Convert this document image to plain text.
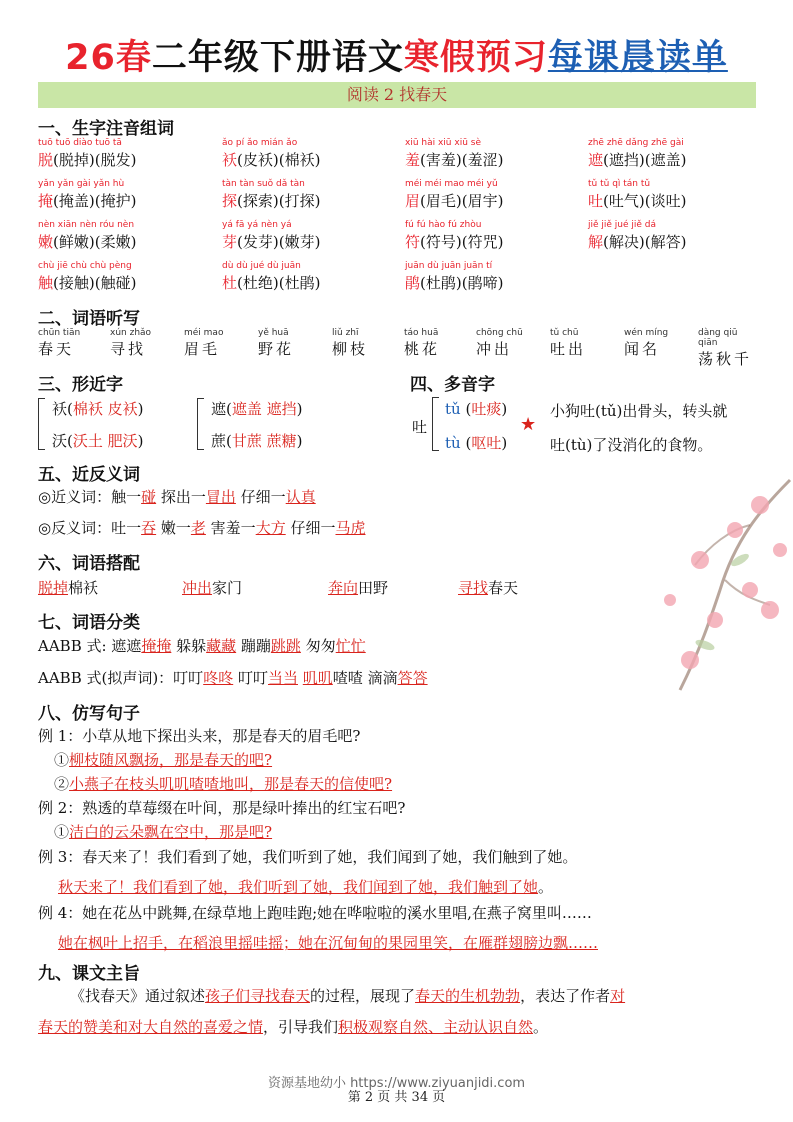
26春二年级下册语文寒假预习每课晨读单
阅读 2 找春天
一、生字注音组词
tuō tuō diào tuō tā
脱(脱掉)(脱发)
ǎo pí ǎo mián ǎo
袄(皮袄)(棉袄)
xiū hài xiū xiū sè
羞(害羞)(羞涩)
zhē zhē dǎng zhē gài
遮(遮挡)(遮盖)
yǎn yǎn gài yǎn hù
掩(掩盖)(掩护)
tàn tàn suǒ dǎ tàn
探(探索)(打探)
méi méi mao méi yǔ
眉(眉毛)(眉宇)
tǔ tǔ qì tán tǔ
吐(吐气)(谈吐)
nèn xiān nèn róu nèn
嫩(鲜嫩)(柔嫩)
yá fā yá nèn yá
芽(发芽)(嫩芽)
fú fú hào fú zhòu
符(符号)(符咒)
jiě jiě jué jiě dá
解(解决)(解答)
chù jiē chù chù pèng
触(接触)(触碰)
dù dù jué dù juān
杜(杜绝)(杜鹃)
juān dù juān juān tí
鹃(杜鹃)(鹃啼)
二、词语听写
chūn tiān
春天
xún zhǎo
寻找
méi mao
眉毛
yě huā
野花
liǔ zhī
柳枝
táo huā
桃花
chōng chū
冲出
tǔ chū
吐出
wén míng
闻名
dàng qiū qiān
荡秋千
三、形近字
袄(棉袄 皮袄)
沃(沃土 肥沃)
遮(遮盖 遮挡)
蔗(甘蔗 蔗糖)
四、多音字
吐
tǔ (吐痰)
tù (呕吐)
★
小狗吐(tǔ)出骨头，转头就
吐(tù)了没消化的食物。
五、近反义词
◎近义词：触一碰 探出一冒出 仔细一认真
◎反义词：吐一吞 嫩一老 害羞一大方 仔细一马虎
六、词语搭配
脱掉棉袄	冲出家门	奔向田野	寻找春天
七、词语分类
AABB 式: 遮遮掩掩 躲躲藏藏 蹦蹦跳跳 匆匆忙忙
AABB 式(拟声词)：叮叮咚咚 叮叮当当 叽叽喳喳 滴滴答答
八、仿写句子
例 1：小草从地下探出头来，那是春天的眉毛吧?
①柳枝随风飘扬，那是春天的吧?
②小燕子在枝头叽叽喳喳地叫，那是春天的信使吧?
例 2：熟透的草莓缀在叶间，那是绿叶捧出的红宝石吧?
①洁白的云朵飘在空中，那是吧?
例 3：春天来了！我们看到了她，我们听到了她，我们闻到了她，我们触到了她。
秋天来了！我们看到了她，我们听到了她，我们闻到了她，我们触到了她。
例 4：她在花丛中跳舞,在绿草地上跑哇跑;她在哗啦啦的溪水里唱,在燕子窝里叫……
她在枫叶上招手，在稻浪里摇哇摇；她在沉甸甸的果园里笑，在雁群翅膀边飘……
九、课文主旨
《找春天》通过叙述孩子们寻找春天的过程，展现了春天的生机勃勃，表达了作者对
春天的赞美和对大自然的喜爱之情，引导我们积极观察自然、主动认识自然。
资源基地幼小 https://www.ziyuanjidi.com
第 2 页 共 34 页
